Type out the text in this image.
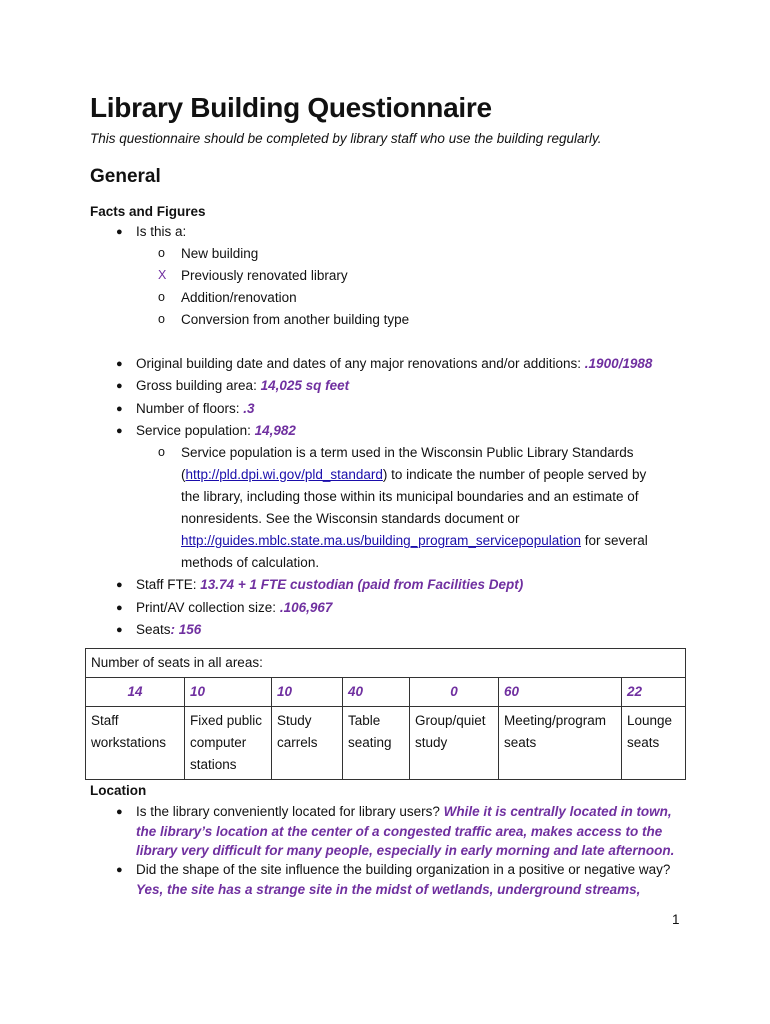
Library Building Questionnaire
This questionnaire should be completed by library staff who use the building regularly.
General
Facts and Figures
● Is this a:
o New building
X Previously renovated library
o Addition/renovation
o Conversion from another building type
● Original building date and dates of any major renovations and/or additions: .1900/1988
● Gross building area: 14,025 sq feet
● Number of floors: .3
● Service population: 14,982
o Service population is a term used in the Wisconsin Public Library Standards
(http://pld.dpi.wi.gov/pld_standard) to indicate the number of people served by
the library, including those within its municipal boundaries and an estimate of
nonresidents. See the Wisconsin standards document or
http://guides.mblc.state.ma.us/building_program_servicepopulation for several
methods of calculation.
● Staff FTE: 13.74 + 1 FTE custodian (paid from Facilities Dept)
● Print/AV collection size: .106,967
● Seats: 156
Number of seats in all areas:						
14	10	10	40	0	60	22
Staff
workstations	Fixed public
computer
stations	Study
carrels	Table
seating	Group/quiet
study	Meeting/program
seats	Lounge
seats
Location
● Is the library conveniently located for library users? While it is centrally located in town, the library’s location at the center of a congested traffic area, makes access to the library very difficult for many people, especially in early morning and late afternoon.
● Did the shape of the site influence the building organization in a positive or negative way? Yes, the site has a strange site in the midst of wetlands, underground streams,
1
